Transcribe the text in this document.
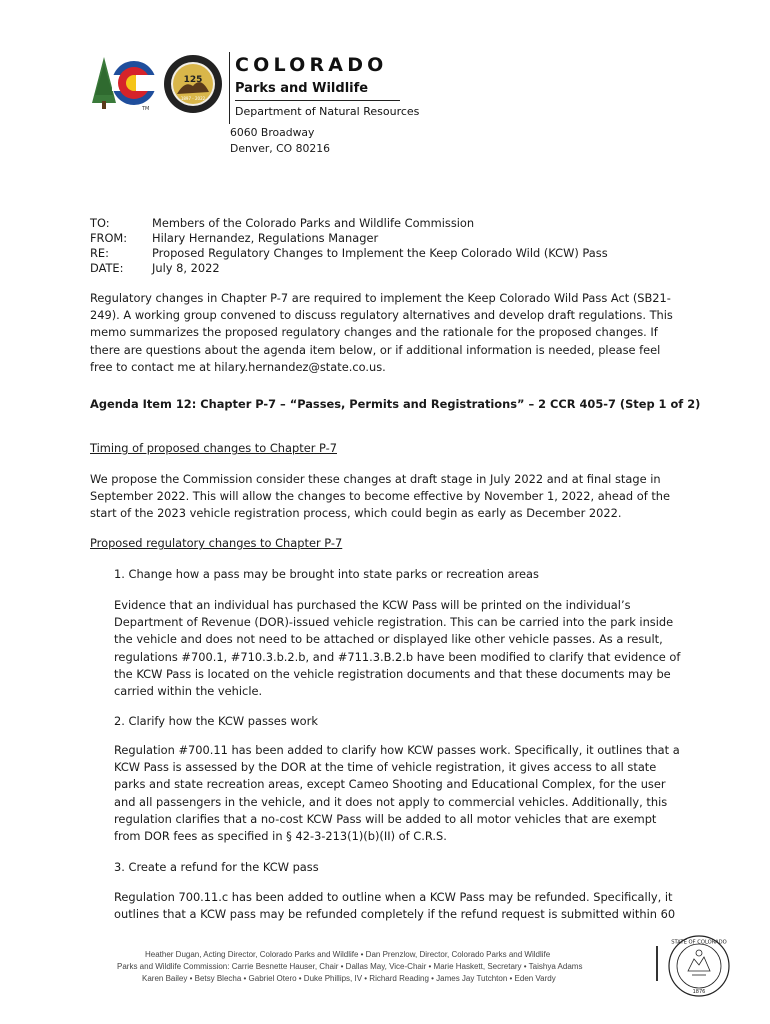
TM
125
1897 - 2022
COLORADO
Parks and Wildlife
Department of Natural Resources
6060 Broadway
Denver, CO 80216
TO:	Members of the Colorado Parks and Wildlife Commission
FROM: Hilary Hernandez, Regulations Manager
RE:	Proposed Regulatory Changes to Implement the Keep Colorado Wild (KCW) Pass
DATE:	July 8, 2022
Regulatory changes in Chapter P-7 are required to implement the Keep Colorado Wild Pass Act (SB21-
249). A working group convened to discuss regulatory alternatives and develop draft regulations. This
memo summarizes the proposed regulatory changes and the rationale for the proposed changes. If
there are questions about the agenda item below, or if additional information is needed, please feel
free to contact me at hilary.hernandez@state.co.us.
Agenda Item 12: Chapter P-7 – “Passes, Permits and Registrations” – 2 CCR 405-7 (Step 1 of 2)
Timing of proposed changes to Chapter P-7
We propose the Commission consider these changes at draft stage in July 2022 and at final stage in
September 2022. This will allow the changes to become effective by November 1, 2022, ahead of the
start of the 2023 vehicle registration process, which could begin as early as December 2022.
Proposed regulatory changes to Chapter P-7
1. Change how a pass may be brought into state parks or recreation areas
Evidence that an individual has purchased the KCW Pass will be printed on the individual’s
Department of Revenue (DOR)-issued vehicle registration. This can be carried into the park inside
the vehicle and does not need to be attached or displayed like other vehicle passes. As a result,
regulations #700.1, #710.3.b.2.b, and #711.3.B.2.b have been modified to clarify that evidence of
the KCW Pass is located on the vehicle registration documents and that these documents may be
carried within the vehicle.
2. Clarify how the KCW passes work
Regulation #700.11 has been added to clarify how KCW passes work. Specifically, it outlines that a
KCW Pass is assessed by the DOR at the time of vehicle registration, it gives access to all state
parks and state recreation areas, except Cameo Shooting and Educational Complex, for the user
and all passengers in the vehicle, and it does not apply to commercial vehicles. Additionally, this
regulation clarifies that a no-cost KCW Pass will be added to all motor vehicles that are exempt
from DOR fees as specified in § 42-3-213(1)(b)(II) of C.R.S.
3. Create a refund for the KCW pass
Regulation 700.11.c has been added to outline when a KCW Pass may be refunded. Specifically, it
outlines that a KCW pass may be refunded completely if the refund request is submitted within 60
Heather Dugan, Acting Director, Colorado Parks and Wildlife • Dan Prenzlow, Director, Colorado Parks and Wildlife
Parks and Wildlife Commission: Carrie Besnette Hauser, Chair • Dallas May, Vice-Chair • Marie Haskett, Secretary • Taishya Adams
Karen Bailey • Betsy Blecha • Gabriel Otero • Duke Phillips, IV • Richard Reading • James Jay Tutchton • Eden Vardy
STATE OF COLORADO
1876
